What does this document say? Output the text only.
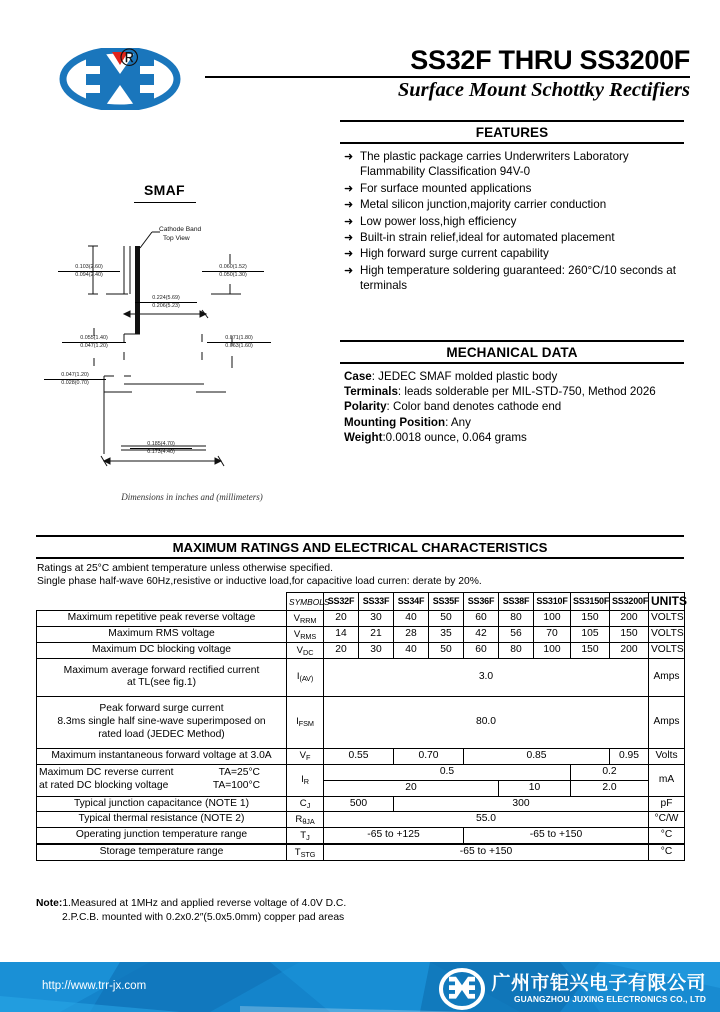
®	SS32F THRU SS3200F
Surface Mount Schottky Rectifiers
SMAF
Cathode Band
Top View
0.103(2.60)
0.094(2.40)
0.060(1.52)
0.050(1.30)
0.224(5.69)
0.206(5.23)
0.055(1.40)
0.047(1.20)
0.071(1.80)
0.063(1.60)
0.047(1.20)
0.028(0.70)
0.185(4.70)
0.173(4.40)
Dimensions in inches and (millimeters)
FEATURES
➜ The plastic package carries Underwriters Laboratory Flammability Classification 94V-0
➜ For surface mounted applications
➜ Metal silicon junction,majority carrier conduction
➜ Low power loss,high efficiency
➜ Built-in strain relief,ideal for automated placement
➜ High forward surge current capability
➜ High temperature soldering guaranteed: 260°C/10 seconds at terminals
MECHANICAL DATA
Case: JEDEC SMAF molded plastic body
Terminals: leads solderable per MIL-STD-750, Method 2026
Polarity: Color band denotes cathode end
Mounting Position: Any
Weight:0.0018 ounce, 0.064 grams
MAXIMUM RATINGS AND ELECTRICAL CHARACTERISTICS
Ratings at 25°C ambient temperature unless otherwise specified.
Single phase half-wave 60Hz,resistive or inductive load,for capacitive load curren: derate by 20%.
	SYMBOLS	SS32F	SS33F	SS34F	SS35F	SS36F	SS38F	SS310F	SS3150F	SS3200F	UNITS
Maximum repetitive peak reverse voltage	$V_{RRM}$	20	30	40	50	60	80	100	150	200	VOLTS
Maximum RMS voltage	$V_{RMS}$	14	21	28	35	42	56	70	105	150	VOLTS
Maximum DC blocking voltage	$V_{DC}$	20	30	40	50	60	80	100	150	200	VOLTS

Maximum average forward rectified current
at TL(see fig.1)	$I_{(AV)}$	3.0									Amps

Peak forward surge current
8.3ms single half sine-wave superimposed on
rated load (JEDEC Method)	$I_{FSM}$	80.0									Amps
Maximum instantaneous forward voltage at 3.0A	$V_F$	0.55		0.70		0.85				0.95	Volts

Maximum DC reverse current TA=25°C
at rated DC blocking voltage TA=100°C	$I_R$	0.5							0.2		mA
		20					10		2.0		
Typical junction capacitance (NOTE 1)	$C_J$	500		300							pF
Typical thermal resistance (NOTE 2)	$R_{\theta JA}$	55.0									°C/W
Operating junction temperature range	$T_J$	-65 to +125				-65 to +150					°C
Storage temperature range	$T_{STG}$	-65 to +150									°C
Note:1.Measured at 1MHz and applied reverse voltage of 4.0V D.C.
2.P.C.B. mounted with 0.2x0.2″(5.0x5.0mm) copper pad areas
http://www.trr-jx.com	广州市钜兴电子有限公司
GUANGZHOU JUXING ELECTRONICS CO., LTD
